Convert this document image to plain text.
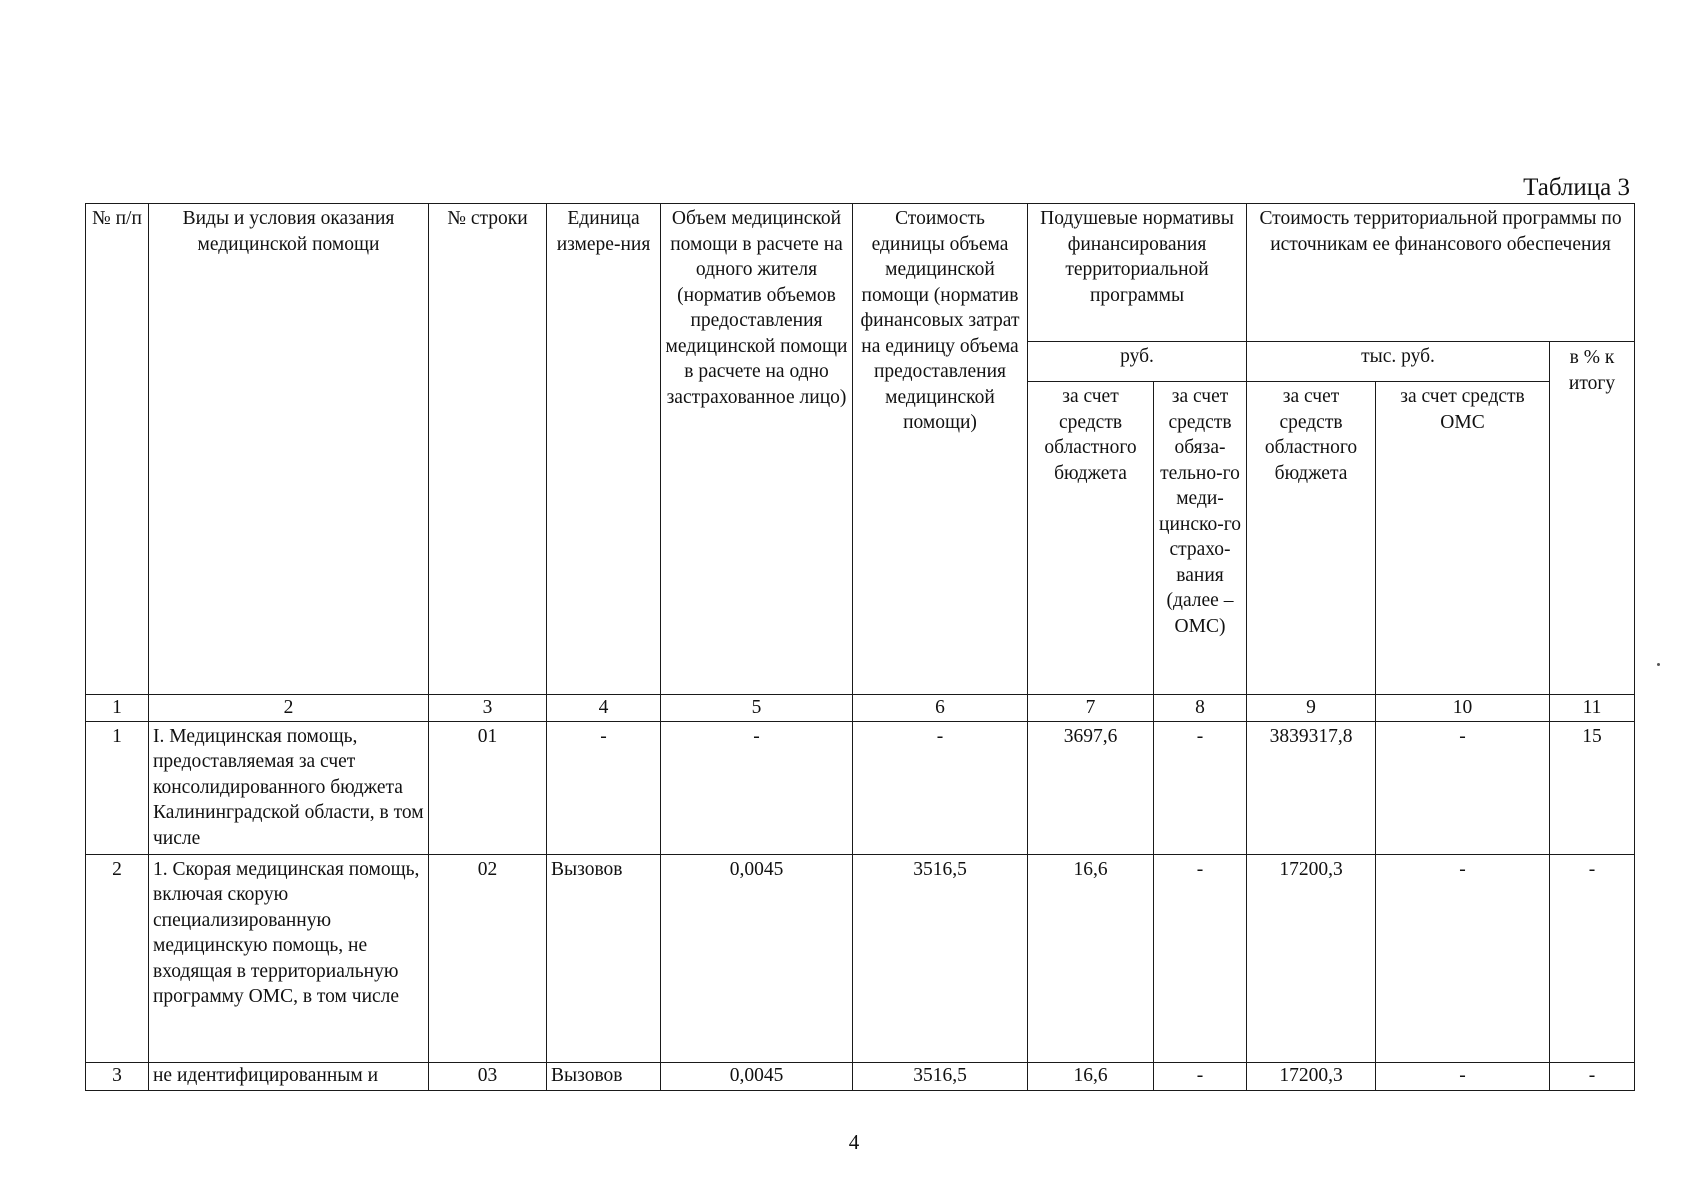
Таблица 3
№ п/п	Виды и условия оказания медицинской помощи	№ строки	Единица измере-ния	Объем медицинской помощи в расчете на одного жителя (норматив объемов предоставления медицинской помощи в расчете на одно застрахованное лицо)	Стоимость единицы объема медицинской помощи (норматив финансовых затрат на единицу объема предоставления медицинской помощи)	Подушевые нормативы финансирования территориальной программы		Стоимость территориальной программы по источникам ее финансового обеспечения		
						руб.		тыс. руб.		в % к итогу
						за счет средств областного бюджета	за счет средств обяза-тельно-го меди-цинско-го страхо-вания (далее – ОМС)	за счет средств областного бюджета	за счет средств ОМС	
1	2	3	4	5	6	7	8	9	10	11
1	I. Медицинская помощь, предоставляемая за счет консолидированного бюджета Калининградской области, в том числе	01	-	-	-	3697,6	-	3839317,8	-	15
2	1. Скорая медицинская помощь, включая скорую специализированную медицинскую помощь, не входящая в территориальную программу ОМС, в том числе	02	Вызовов	0,0045	3516,5	16,6	-	17200,3	-	-
3	не идентифицированным и	03	Вызовов	0,0045	3516,5	16,6	-	17200,3	-	-
4
